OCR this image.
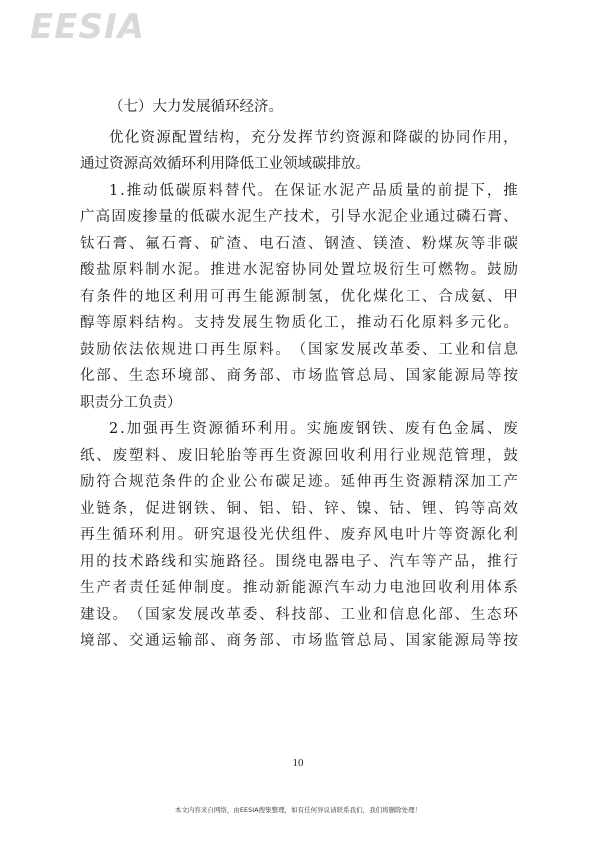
EESIA
（七）大力发展循环经济。
优 化 资 源 配 置 结 构 ， 充 分 发 挥 节 约 资 源 和 降 碳 的 协 同 作 用 ，
通过资源高效循环利用降低工业领域碳排放。
1 . 推 动 低 碳 原 料 替 代 。 在 保 证 水 泥 产 品 质 量 的 前 提 下 ， 推
广 高 固 废 掺 量 的 低 碳 水 泥 生 产 技 术 ， 引 导 水 泥 企 业 通 过 磷 石 膏 、
钛 石 膏 、 氟 石 膏 、 矿 渣 、 电 石 渣 、 钢 渣 、 镁 渣 、 粉 煤 灰 等 非 碳
酸 盐 原 料 制 水 泥 。 推 进 水 泥 窑 协 同 处 置 垃 圾 衍 生 可 燃 物 。 鼓 励
有 条 件 的 地 区 利 用 可 再 生 能 源 制 氢 ， 优 化 煤 化 工 、 合 成 氨 、 甲
醇 等 原 料 结 构 。 支 持 发 展 生 物 质 化 工 ， 推 动 石 化 原 料 多 元 化 。
鼓 励 依 法 依 规 进 口 再 生 原 料 。 （ 国 家 发 展 改 革 委 、 工 业 和 信 息
化 部 、 生 态 环 境 部 、 商 务 部 、 市 场 监 管 总 局 、 国 家 能 源 局 等 按
职责分工负责）
2 . 加 强 再 生 资 源 循 环 利 用 。 实 施 废 钢 铁 、 废 有 色 金 属 、 废
纸 、 废 塑 料 、 废 旧 轮 胎 等 再 生 资 源 回 收 利 用 行 业 规 范 管 理 ， 鼓
励 符 合 规 范 条 件 的 企 业 公 布 碳 足 迹 。 延 伸 再 生 资 源 精 深 加 工 产
业 链 条 ， 促 进 钢 铁 、 铜 、 铝 、 铅 、 锌 、 镍 、 钴 、 锂 、 钨 等 高 效
再 生 循 环 利 用 。 研 究 退 役 光 伏 组 件 、 废 弃 风 电 叶 片 等 资 源 化 利
用 的 技 术 路 线 和 实 施 路 径 。 围 绕 电 器 电 子 、 汽 车 等 产 品 ， 推 行
生 产 者 责 任 延 伸 制 度 。 推 动 新 能 源 汽 车 动 力 电 池 回 收 利 用 体 系
建 设 。 （ 国 家 发 展 改 革 委 、 科 技 部 、 工 业 和 信 息 化 部 、 生 态 环
境 部 、 交 通 运 输 部 、 商 务 部 、 市 场 监 管 总 局 、 国 家 能 源 局 等 按
10
本文内容来自网络，由EESIA搜集整理，如有任何异议请联系我们，我们将删除处理！
